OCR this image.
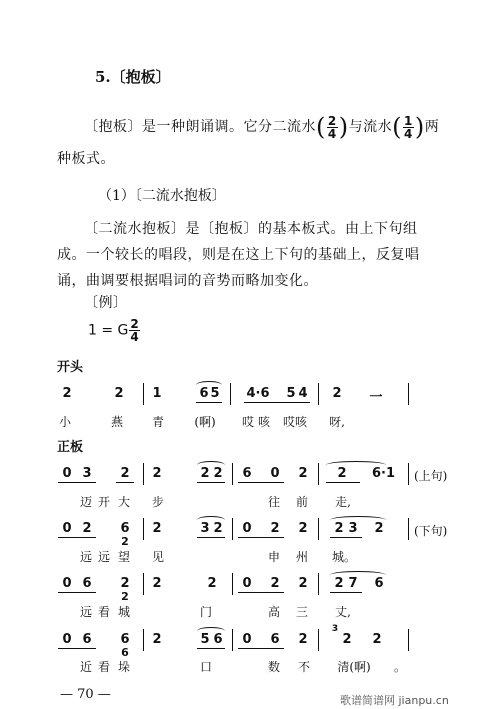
5.〔抱板〕
〔抱板〕是一种朗诵调。它分二流水( $\frac{2}{4}$ )与流水( $\frac{1}{4}$ )两
种板式。
（1）〔二流水抱板〕
〔二流水抱板〕是〔抱板〕的基本板式。由上下句组
成。一个较长的唱段，则是在这上下句的基础上，反复唱
诵，曲调要根据唱词的音势而略加变化。
〔例〕
1 = G $\frac{2}{4}$
开头
2	2 1	6 5 4·6 5 4 2 一
小	燕 青	(啊)	哎 咳 哎咳 呀,
正板
0 3 2 2	2 2 6 0 2	2	6·1 (上句)
迈 开 大 步	往 前 走,
0 2 6
2
2	3 2 0 2 2 2 3 2	(下句)
远 远 望 见	申 州 城。
0 6 2
2
2	2 0 2 2 2 7 6
远 看 城	门	高 三 丈,
0 6 6
6
2	5 6 0 6 2
3
2 2
近 看 垛	口	数 不	清(啊)	。
— 70 —	歌谱简谱网 jianpu.cn
